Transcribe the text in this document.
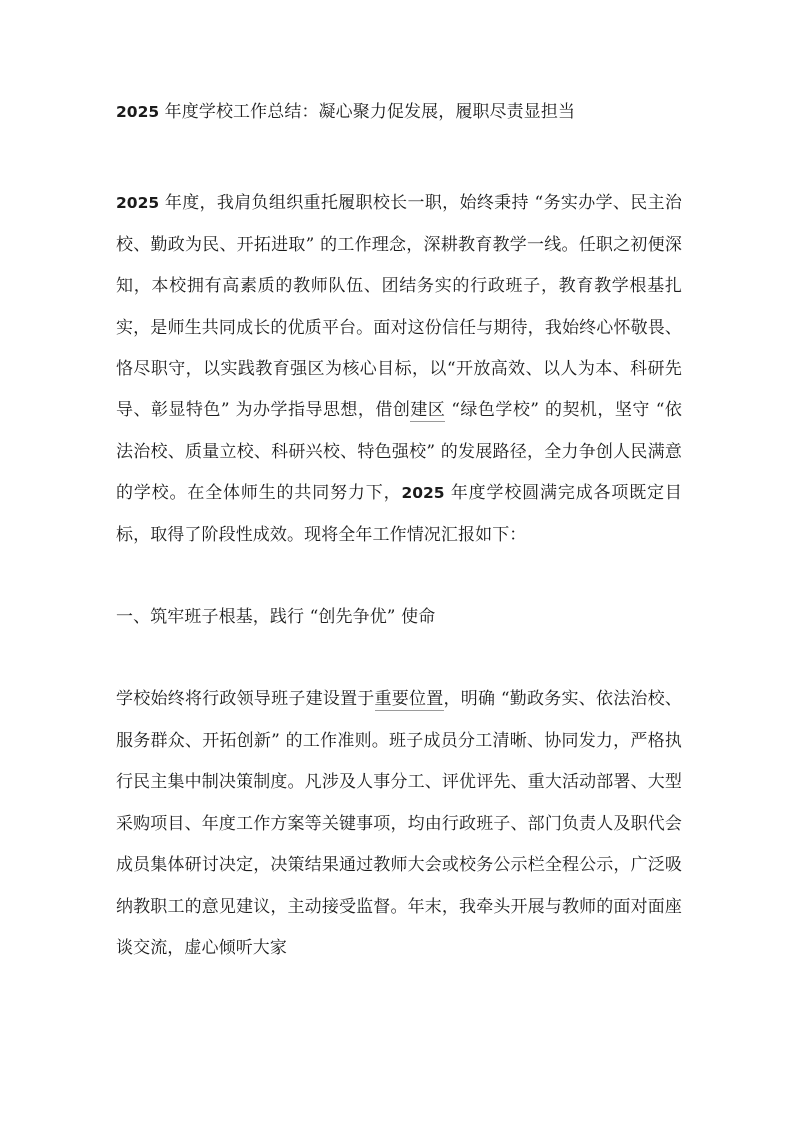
2025 年度学校工作总结：凝心聚力促发展，履职尽责显担当

2025 年度，我肩负组织重托履职校长一职，始终秉持 “务实办学、民主治校、勤政为民、开拓进取” 的工作理念，深耕教育教学一线。任职之初便深知，本校拥有高素质的教师队伍、团结务实的行政班子，教育教学根基扎实，是师生共同成长的优质平台。面对这份信任与期待，我始终心怀敬畏、恪尽职守，以实践教育强区为核心目标，以“开放高效、以人为本、科研先导、彰显特色” 为办学指导思想，借创建区 “绿色学校” 的契机，坚守 “依法治校、质量立校、科研兴校、特色强校” 的发展路径，全力争创人民满意的学校。在全体师生的共同努力下，2025 年度学校圆满完成各项既定目标，取得了阶段性成效。现将全年工作情况汇报如下：

一、筑牢班子根基，践行 “创先争优” 使命

学校始终将行政领导班子建设置于重要位置，明确 “勤政务实、依法治校、服务群众、开拓创新” 的工作准则。班子成员分工清晰、协同发力，严格执行民主集中制决策制度。凡涉及人事分工、评优评先、重大活动部署、大型采购项目、年度工作方案等关键事项，均由行政班子、部门负责人及职代会成员集体研讨决定，决策结果通过教师大会或校务公示栏全程公示，广泛吸纳教职工的意见建议，主动接受监督。年末，我牵头开展与教师的面对面座谈交流，虚心倾听大家
